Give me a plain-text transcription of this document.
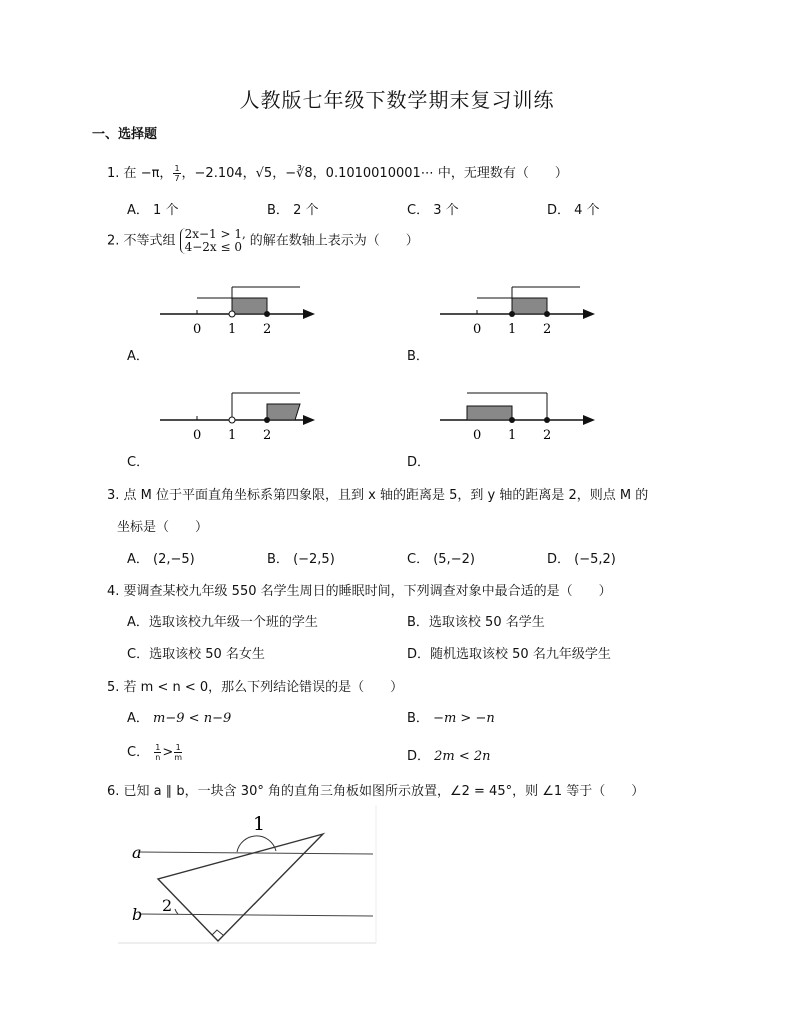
人教版七年级下数学期末复习训练
一、选择题
1. 在 −π， $\frac{1}{7}$ ，−2.104，√5，−∛8，0.1010010001⋯ 中，无理数有（　　）
A． 1 个	B． 2 个	C． 3 个	D． 4 个
2. 不等式组 2x−1 > 1,
4−2x ≤ 0 的解在数轴上表示为（　　）
0 1 2
A．
0 1 2
B．
0 1 2
C．
0 1 2
D．
3. 点 M 位于平面直角坐标系第四象限，且到 x 轴的距离是 5，到 y 轴的距离是 2，则点 M 的
坐标是（　　）
A． (2,−5)	B． (−2,5)	C． (5,−2)	D． (−5,2)
4. 要调查某校九年级 550 名学生周日的睡眠时间，下列调查对象中最合适的是（　　）
A．选取该校九年级一个班的学生	B．选取该校 50 名学生
C．选取该校 50 名女生	D．随机选取该校 50 名九年级学生
5. 若 m < n < 0，那么下列结论错误的是（　　）
A． m−9 < n−9	B． −m > −n
C． $\frac{1}{n} > \frac{1}{m}$	D． 2m < 2n
6. 已知 a ∥ b，一块含 30° 角的直角三角板如图所示放置，∠2 = 45°，则 ∠1 等于（　　）
a
b
1
2
